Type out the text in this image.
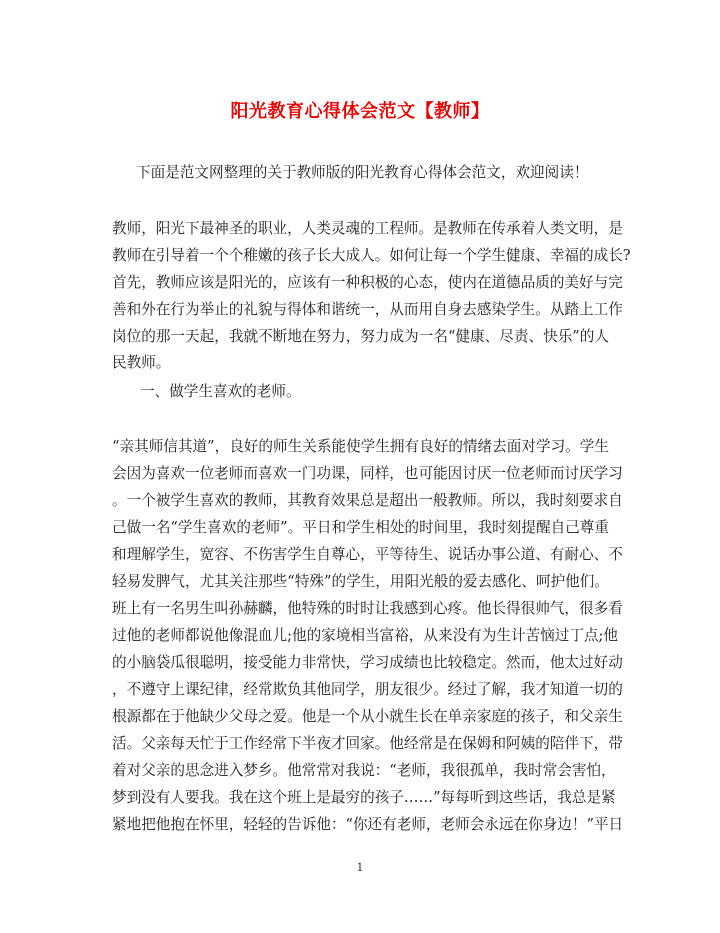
阳光教育心得体会范文【教师】
下面是范文网整理的关于教师版的阳光教育心得体会范文，欢迎阅读！
教师，阳光下最神圣的职业，人类灵魂的工程师。是教师在传承着人类文明，是
教师在引导着一个个稚嫩的孩子长大成人。如何让每一个学生健康、幸福的成长?
首先，教师应该是阳光的，应该有一种积极的心态，使内在道德品质的美好与完
善和外在行为举止的礼貌与得体和谐统一，从而用自身去感染学生。从踏上工作
岗位的那一天起，我就不断地在努力，努力成为一名“健康、尽责、快乐”的人
民教师。
一、做学生喜欢的老师。
“亲其师信其道”，良好的师生关系能使学生拥有良好的情绪去面对学习。学生
会因为喜欢一位老师而喜欢一门功课，同样，也可能因讨厌一位老师而讨厌学习
。一个被学生喜欢的教师，其教育效果总是超出一般教师。所以，我时刻要求自
己做一名“学生喜欢的老师”。平日和学生相处的时间里，我时刻提醒自己尊重
和理解学生，宽容、不伤害学生自尊心，平等待生、说话办事公道、有耐心、不
轻易发脾气，尤其关注那些“特殊”的学生，用阳光般的爱去感化、呵护他们。
班上有一名男生叫孙赫麟，他特殊的时时让我感到心疼。他长得很帅气，很多看
过他的老师都说他像混血儿;他的家境相当富裕，从来没有为生计苦恼过丁点;他
的小脑袋瓜很聪明，接受能力非常快，学习成绩也比较稳定。然而，他太过好动
，不遵守上课纪律，经常欺负其他同学，朋友很少。经过了解，我才知道一切的
根源都在于他缺少父母之爱。他是一个从小就生长在单亲家庭的孩子，和父亲生
活。父亲每天忙于工作经常下半夜才回家。他经常是在保姆和阿姨的陪伴下，带
着对父亲的思念进入梦乡。他常常对我说：“老师，我很孤单，我时常会害怕，
梦到没有人要我。我在这个班上是最穷的孩子……”每每听到这些话，我总是紧
紧地把他抱在怀里，轻轻的告诉他：“你还有老师，老师会永远在你身边！”平日
1
